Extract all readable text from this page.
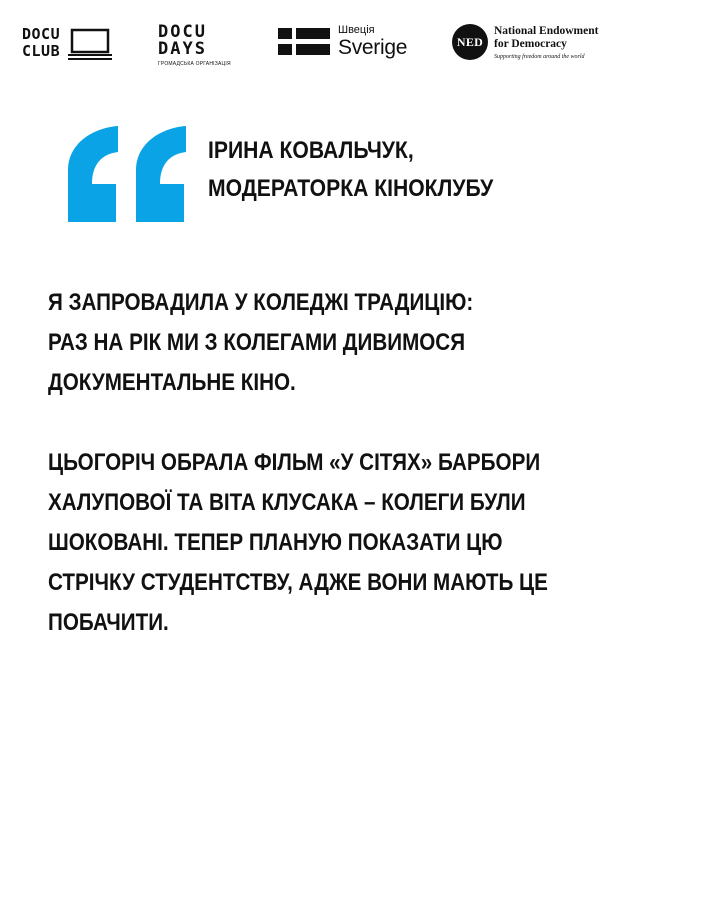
DOCU
CLUB
DOCU
DAYS
ГРОМАДСЬКА ОРГАНІЗАЦІЯ
Швеція
Sverige	NED
National Endowment
for Democracy
Supporting freedom around the world
ІРИНА КОВАЛЬЧУК,
МОДЕРАТОРКА КІНОКЛУБУ
Я ЗАПРОВАДИЛА У КОЛЕДЖІ ТРАДИЦІЮ:
РАЗ НА РІК МИ З КОЛЕГАМИ ДИВИМОСЯ
ДОКУМЕНТАЛЬНЕ КІНО.
ЦЬОГОРІЧ ОБРАЛА ФІЛЬМ «У СІТЯХ» БАРБОРИ
ХАЛУПОВОЇ ТА ВІТА КЛУСАКА – КОЛЕГИ БУЛИ
ШОКОВАНІ. ТЕПЕР ПЛАНУЮ ПОКАЗАТИ ЦЮ
СТРІЧКУ СТУДЕНТСТВУ, АДЖЕ ВОНИ МАЮТЬ ЦЕ
ПОБАЧИТИ.
